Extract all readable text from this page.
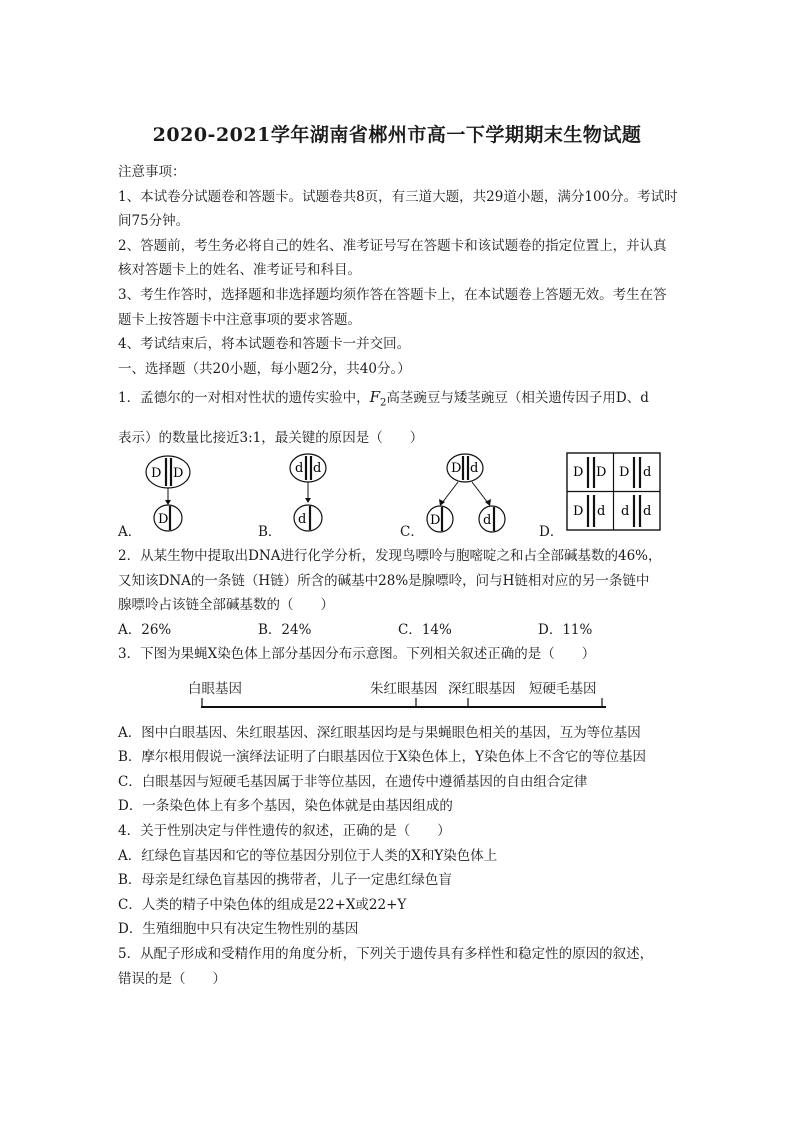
2020-2021学年湖南省郴州市高一下学期期末生物试题
注意事项：
1、本试卷分试题卷和答题卡。试题卷共8页，有三道大题，共29道小题，满分100分。考试时间75分钟。
2、答题前，考生务必将自己的姓名、准考证号写在答题卡和该试题卷的指定位置上，并认真核对答题卡上的姓名、准考证号和科目。
3、考生作答时，选择题和非选择题均须作答在答题卡上，在本试题卷上答题无效。考生在答题卡上按答题卡中注意事项的要求答题。
4、考试结束后，将本试题卷和答题卡一并交回。
一、选择题（共20小题，每小题2分，共40分。）
1．孟德尔的一对相对性状的遗传实验中，$F_2$高茎豌豆与矮茎豌豆（相关遗传因子用D、d
表示）的数量比接近3:1，最关键的原因是（　　）
A．
D D
D
B．
d d
d
C．
D d
D	d
D．
D D D d
D d d d
2．从某生物中提取出DNA进行化学分析，发现鸟嘌呤与胞嘧啶之和占全部碱基数的46%，
又知该DNA的一条链（H链）所含的碱基中28%是腺嘌呤，问与H链相对应的另一条链中
腺嘌呤占该链全部碱基数的（　　）
A．26%	B．24%	C．14%	D．11%
3．下图为果蝇X染色体上部分基因分布示意图。下列相关叙述正确的是（　　）
白眼基因	朱红眼基因 深红眼基因 短硬毛基因
A．图中白眼基因、朱红眼基因、深红眼基因均是与果蝇眼色相关的基因，互为等位基因
B．摩尔根用假说一演绎法证明了白眼基因位于X染色体上，Y染色体上不含它的等位基因
C．白眼基因与短硬毛基因属于非等位基因，在遗传中遵循基因的自由组合定律
D．一条染色体上有多个基因，染色体就是由基因组成的
4．关于性别决定与伴性遗传的叙述，正确的是（　　）
A．红绿色盲基因和它的等位基因分别位于人类的X和Y染色体上
B．母亲是红绿色盲基因的携带者，儿子一定患红绿色盲
C．人类的精子中染色体的组成是22+X或22+Y
D．生殖细胞中只有决定生物性别的基因
5．从配子形成和受精作用的角度分析，下列关于遗传具有多样性和稳定性的原因的叙述，
错误的是（　　）
